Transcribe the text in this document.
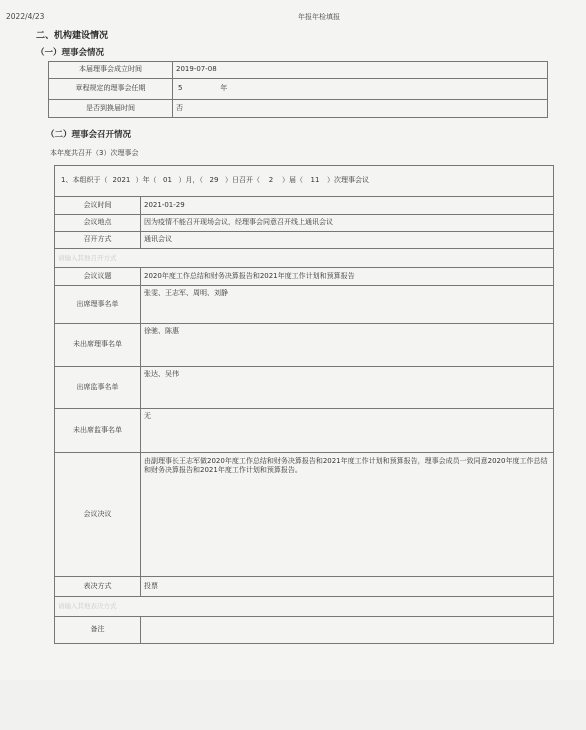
2022/4/23	年报年检填报
二、机构建设情况
（一）理事会情况
本届理事会成立时间	2019-07-08
章程规定的理事会任期	5 年
是否到换届时间	否
（二）理事会召开情况
本年度共召开（3）次理事会
1、本组织于（ 2021 ）年（ 01 ）月，（ 29 ）日召开（ 2 ）届（ 11 ）次理事会议	
会议时间	2021-01-29
会议地点	因为疫情不能召开现场会议，经理事会同意召开线上通讯会议
召开方式	通讯会议
请输入其他召开方式	
会议议题	2020年度工作总结和财务决算报告和2021年度工作计划和预算报告
出席理事名单	张雯、王志军、周明、刘静
未出席理事名单	徐驰、陈惠
出席监事名单	张达、吴伟
未出席监事名单	无
会议决议	由副理事长王志军做2020年度工作总结和财务决算报告和2021年度工作计划和预算报告，理事会成员一致同意2020年度工作总结和财务决算报告和2021年度工作计划和预算报告。
表决方式	投票
请输入其他表决方式	
备注	
